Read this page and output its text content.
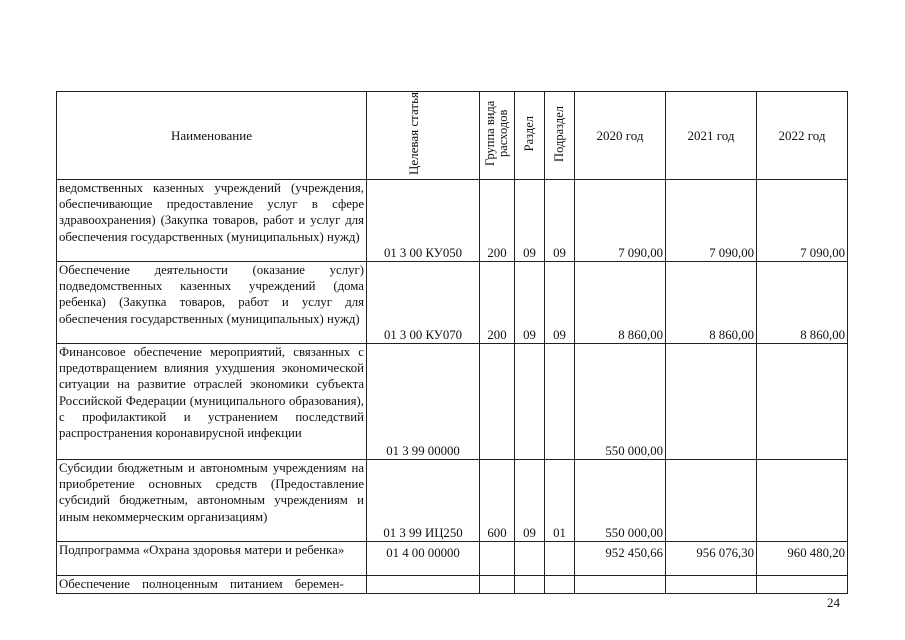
Наименование	Целевая статья	Группа вида расходов	Раздел	Подраздел	2020 год	2021 год	2022 год
ведомственных казенных учреждений (учреждения, обеспечивающие предоставление услуг в сфере здравоохранения) (Закупка товаров, работ и услуг для обеспечения государственных (муниципальных) нужд)	01 3 00 КУ050	200	09	09	7 090,00	7 090,00	7 090,00
Обеспечение деятельности (оказание услуг) подведомственных казенных учреждений (дома ребенка) (Закупка товаров, работ и услуг для обеспечения государственных (муниципальных) нужд)	01 3 00 КУ070	200	09	09	8 860,00	8 860,00	8 860,00
Финансовое обеспечение мероприятий, связанных с предотвращением влияния ухудшения экономической ситуации на развитие отраслей экономики субъекта Российской Федерации (муниципального образования), с профилактикой и устранением последствий распространения коронавирусной инфекции	01 3 99 00000				550 000,00		
Субсидии бюджетным и автономным учреждениям на приобретение основных средств (Предоставление субсидий бюджетным, автономным учреждениям и иным некоммерческим организациям)	01 3 99 ИЦ250	600	09	01	550 000,00		
Подпрограмма «Охрана здоровья матери и ребенка»	01 4 00 00000				952 450,66	956 076,30	960 480,20
Обеспечение полноценным питанием беремен-							
24
